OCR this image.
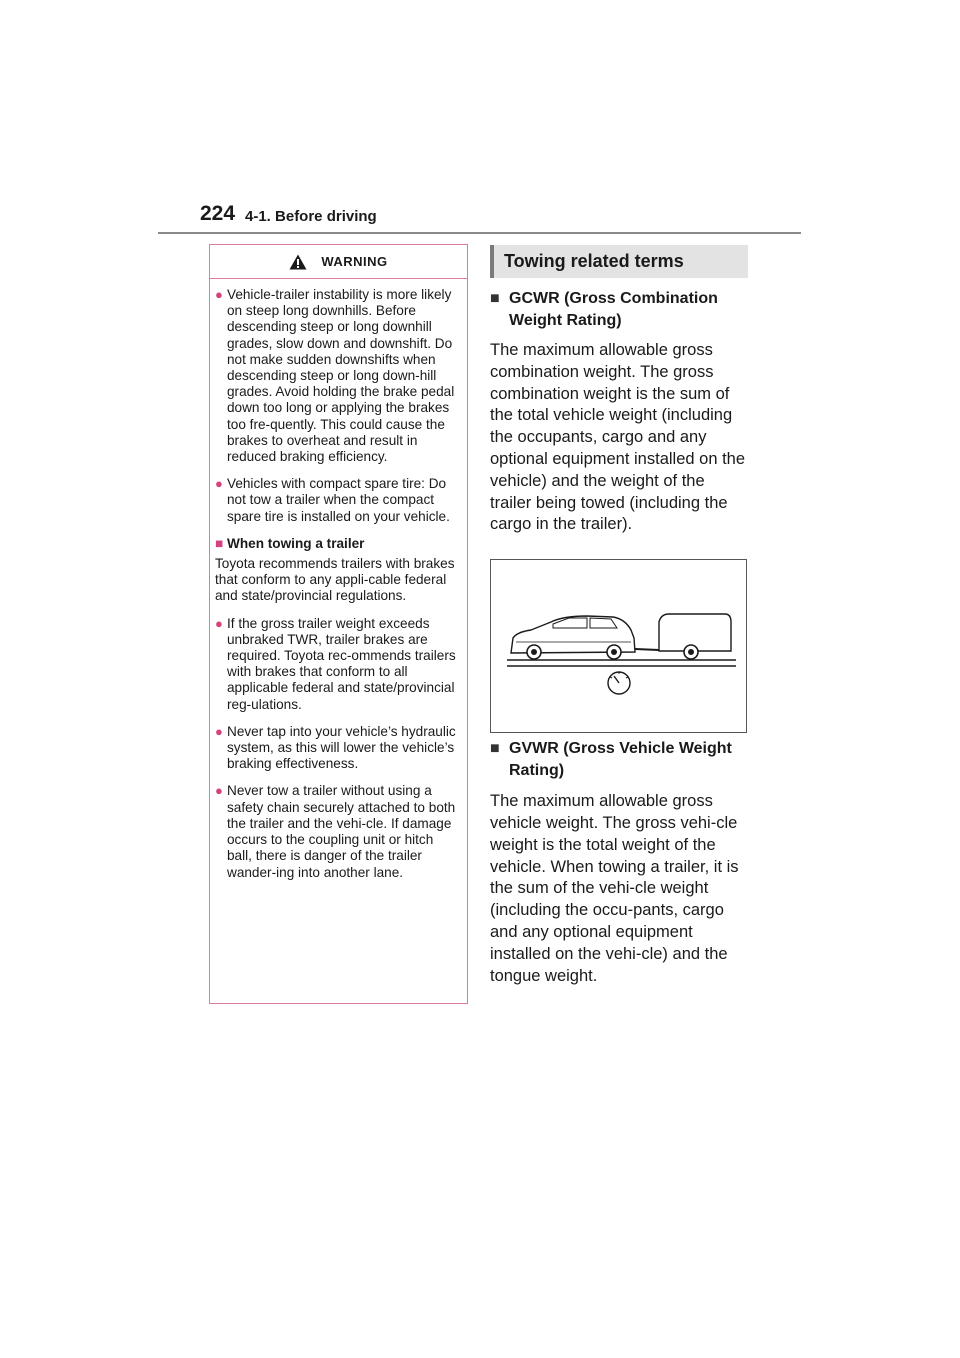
224 4-1. Before driving
WARNING
● Vehicle-trailer instability is more likely on steep long downhills. Before descending steep or long downhill grades, slow down and downshift. Do not make sudden downshifts when descending steep or long down-hill grades. Avoid holding the brake pedal down too long or applying the brakes too fre-quently. This could cause the brakes to overheat and result in reduced braking efficiency.
● Vehicles with compact spare tire: Do not tow a trailer when the compact spare tire is installed on your vehicle.
■ When towing a trailer
Toyota recommends trailers with brakes that conform to any appli-cable federal and state/provincial regulations.
● If the gross trailer weight exceeds unbraked TWR, trailer brakes are required. Toyota rec-ommends trailers with brakes that conform to all applicable federal and state/provincial reg-ulations.
● Never tap into your vehicle’s hydraulic system, as this will lower the vehicle’s braking effectiveness.
● Never tow a trailer without using a safety chain securely attached to both the trailer and the vehi-cle. If damage occurs to the coupling unit or hitch ball, there is danger of the trailer wander-ing into another lane.
Towing related terms
■ GCWR (Gross Combination Weight Rating)
The maximum allowable gross combination weight. The gross combination weight is the sum of the total vehicle weight (including the occupants, cargo and any optional equipment installed on the vehicle) and the weight of the trailer being towed (including the cargo in the trailer).
■ GVWR (Gross Vehicle Weight Rating)
The maximum allowable gross vehicle weight. The gross vehi-cle weight is the total weight of the vehicle. When towing a trailer, it is the sum of the vehi-cle weight (including the occu-pants, cargo and any optional equipment installed on the vehi-cle) and the tongue weight.
